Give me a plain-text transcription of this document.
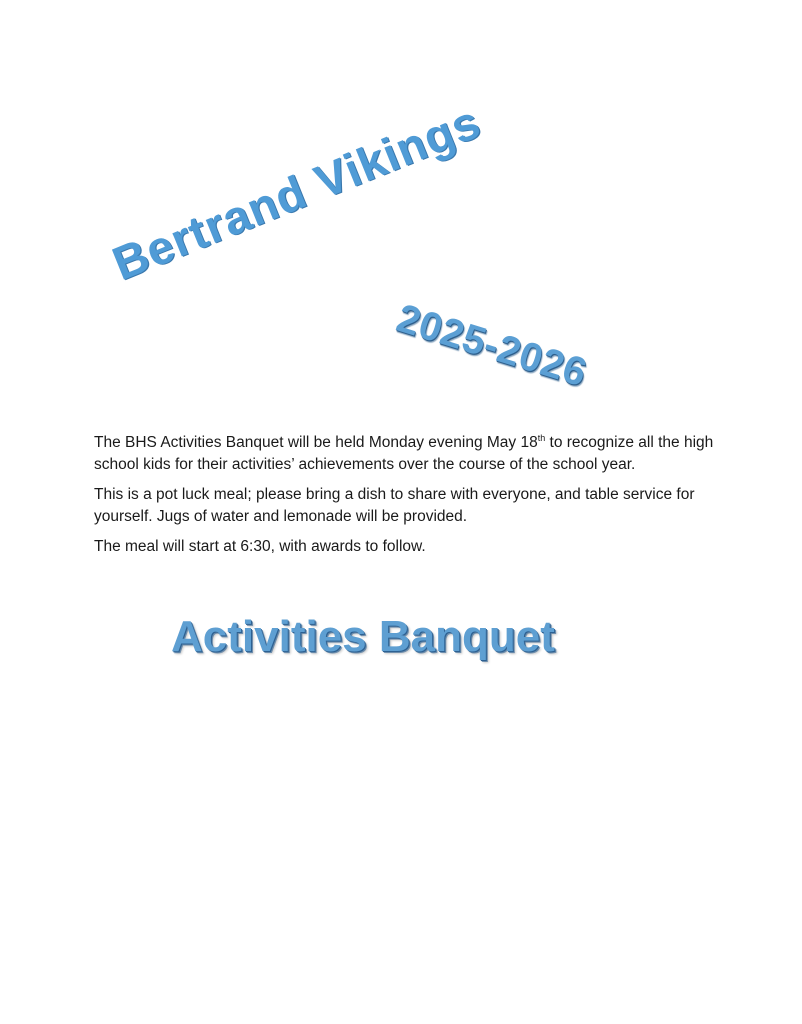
Bertrand Vikings
2025-2026

The BHS Activities Banquet will be held Monday evening May 18th to recognize all the high school kids for their activities’ achievements over the course of the school year.

This is a pot luck meal; please bring a dish to share with everyone, and table service for yourself. Jugs of water and lemonade will be provided.

The meal will start at 6:30, with awards to follow.

Activities Banquet
